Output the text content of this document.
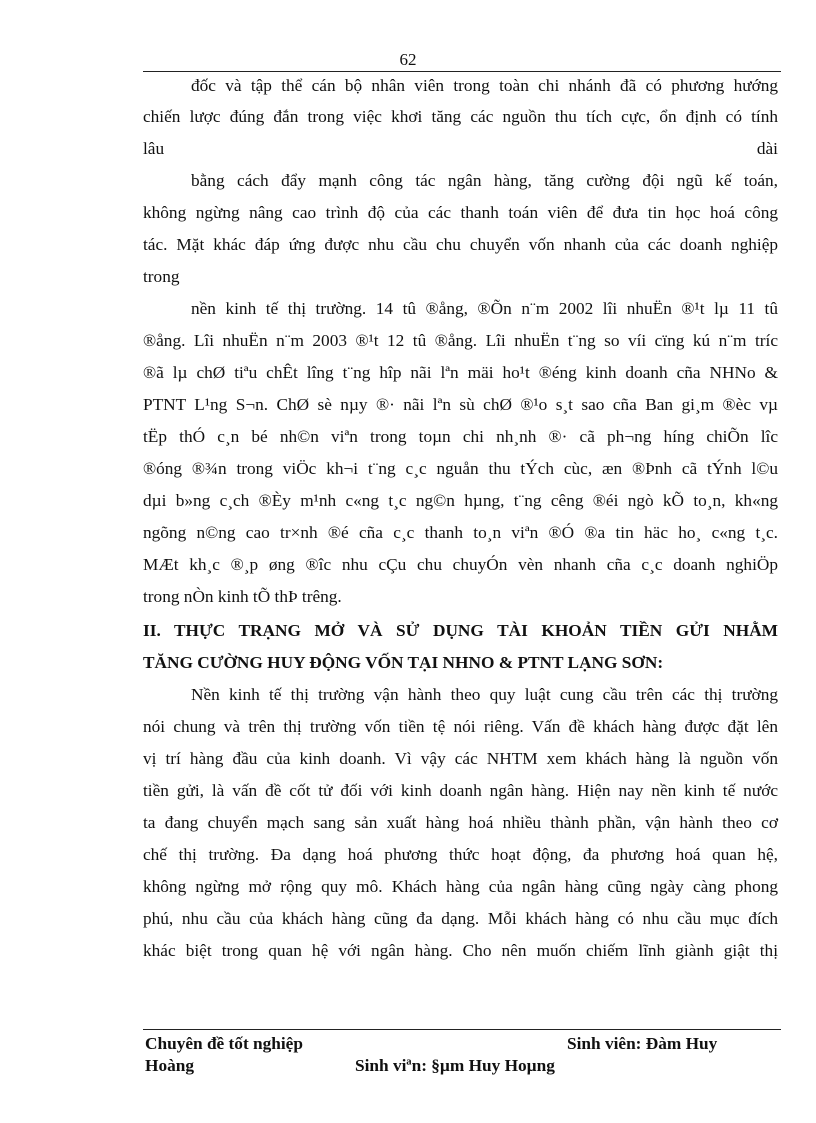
62
đốc và tập thể cán bộ nhân viên trong toàn chi nhánh đã có phương hướng
chiến lược đúng đắn trong việc khơi tăng các nguồn thu tích cực, ổn định có tính
lâu	dài
bằng cách đẩy mạnh công tác ngân hàng, tăng cường đội ngũ kế toán,
không ngừng nâng cao trình độ của các thanh toán viên để đưa tin học hoá công
tác. Mặt khác đáp ứng được nhu cầu chu chuyển vốn nhanh của các doanh nghiệp
trong
nền kinh tế thị trường. 14 tû ®ång, ®Õn n¨m 2002 lîi nhuËn ®¹t lµ 11 tû
®ång. Lîi nhuËn n¨m 2003 ®¹t 12 tû ®ång. Lîi nhuËn t¨ng so víi cïng kú n¨m tríc
®ã lµ chØ tiªu chÊt lîng t¨ng hîp nãi lªn mäi ho¹t ®éng kinh doanh cña NHNo &
PTNT L¹ng S¬n. ChØ sè nµy ®· nãi lªn sù chØ ®¹o s¸t sao cña Ban gi¸m ®èc vµ
tËp thÓ c¸n bé nh©n viªn trong toµn chi nh¸nh ®· cã ph¬ng híng chiÕn lîc
®óng ®¾n trong viÖc kh¬i t¨ng c¸c nguån thu tÝch cùc, æn ®Þnh cã tÝnh l©u
dµi b»ng c¸ch ®Èy m¹nh c«ng t¸c ng©n hµng, t¨ng cêng ®éi ngò kÕ to¸n, kh«ng
ngõng n©ng cao tr×nh ®é cña c¸c thanh to¸n viªn ®Ó ®a tin häc ho¸ c«ng t¸c.
MÆt kh¸c ®¸p øng ®îc nhu cÇu chu chuyÓn vèn nhanh cña c¸c doanh nghiÖp
trong nÒn kinh tÕ thÞ trêng.
II. THỰC TRẠNG MỞ VÀ SỬ DỤNG TÀI KHOẢN TIỀN GỬI NHẰM
TĂNG CƯỜNG HUY ĐỘNG VỐN TẠI NHNO & PTNT LẠNG SƠN:
Nền kinh tế thị trường vận hành theo quy luật cung cầu trên các thị trường
nói chung và trên thị trường vốn tiền tệ nói riêng. Vấn đề khách hàng được đặt lên
vị trí hàng đầu của kinh doanh. Vì vậy các NHTM xem khách hàng là nguồn vốn
tiền gửi, là vấn đề cốt tử đối với kinh doanh ngân hàng. Hiện nay nền kinh tế nước
ta đang chuyển mạch sang sản xuất hàng hoá nhiều thành phần, vận hành theo cơ
chế thị trường. Đa dạng hoá phương thức hoạt động, đa phương hoá quan hệ,
không ngừng mở rộng quy mô. Khách hàng của ngân hàng cũng ngày càng phong
phú, nhu cầu của khách hàng cũng đa dạng. Mỗi khách hàng có nhu cầu mục đích
khác biệt trong quan hệ với ngân hàng. Cho nên muốn chiếm lĩnh giành giật thị
Chuyên đề tốt nghiệp	Sinh viên: Đàm Huy
Hoàng	Sinh viªn: §µm Huy Hoµng
